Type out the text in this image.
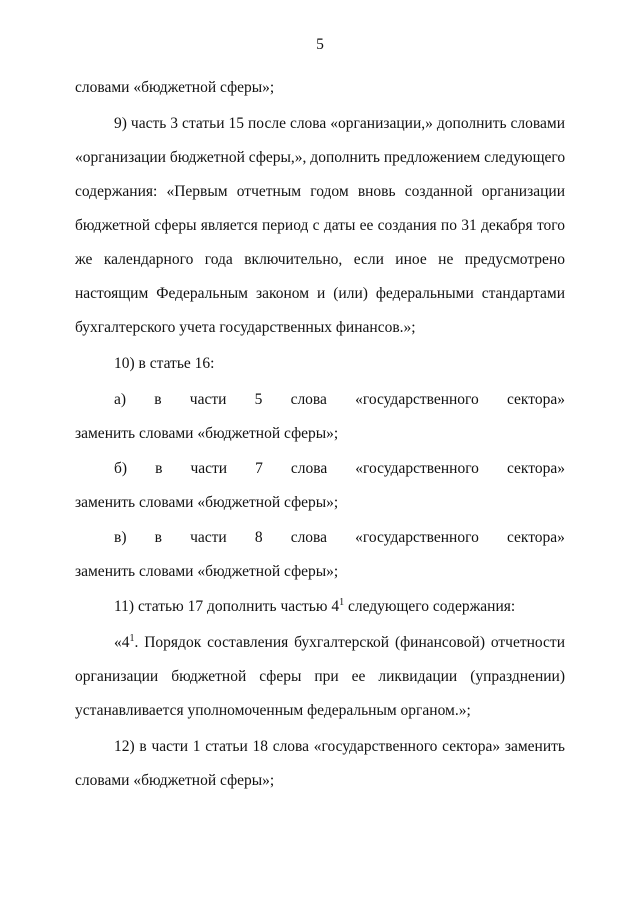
5
словами «бюджетной сферы»;
9) часть 3 статьи 15 после слова «организации,» дополнить словами
«организации бюджетной сферы,», дополнить предложением следующего
содержания: «Первым отчетным годом вновь созданной организации
бюджетной сферы является период с даты ее создания по 31 декабря того
же календарного года включительно, если иное не предусмотрено
настоящим Федеральным законом и (или) федеральными стандартами
бухгалтерского учета государственных финансов.»;
10) в статье 16:
а) в части 5 слова «государственного сектора»
заменить словами «бюджетной сферы»;
б) в части 7 слова «государственного сектора»
заменить словами «бюджетной сферы»;
в) в части 8 слова «государственного сектора»
заменить словами «бюджетной сферы»;
11) статью 17 дополнить частью $4^1$ следующего содержания:
«$4^1$. Порядок составления бухгалтерской (финансовой) отчетности
организации бюджетной сферы при ее ликвидации (упразднении)
устанавливается уполномоченным федеральным органом.»;
12) в части 1 статьи 18 слова «государственного сектора» заменить
словами «бюджетной сферы»;
